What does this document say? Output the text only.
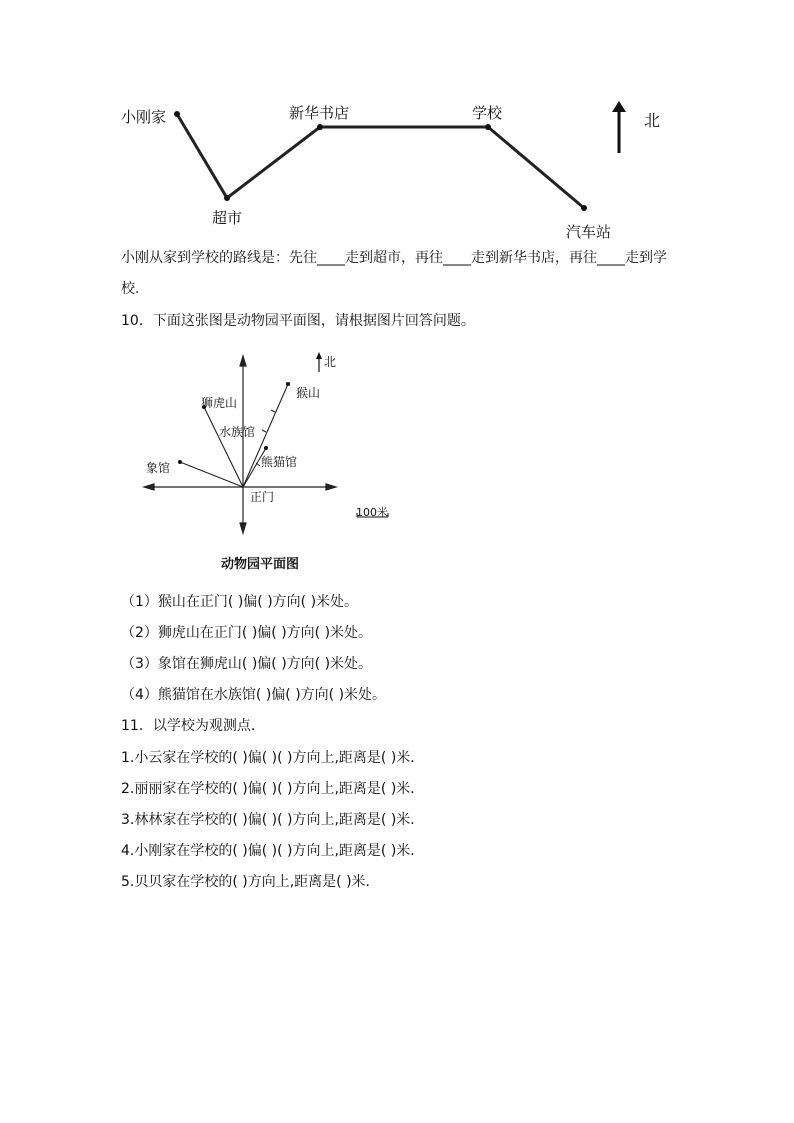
小刚家
超市
新华书店	学校
汽车站
北
小刚从家到学校的路线是：先往____走到超市，再往____走到新华书店，再往____走到学
校.
10．下面这张图是动物园平面图，请根据图片回答问题。
北
猴山
狮虎山
水族馆
熊猫馆
象馆
正门
100米
动物园平面图
（1）猴山在正门( )偏( )方向( )米处。
（2）狮虎山在正门( )偏( )方向( )米处。
（3）象馆在狮虎山( )偏( )方向( )米处。
（4）熊猫馆在水族馆( )偏( )方向( )米处。
11．以学校为观测点．
1.小云家在学校的( )偏( )( )方向上,距离是( )米．
2.丽丽家在学校的( )偏( )( )方向上,距离是( )米．
3.林林家在学校的( )偏( )( )方向上,距离是( )米．
4.小刚家在学校的( )偏( )( )方向上,距离是( )米．
5.贝贝家在学校的( )方向上,距离是( )米．
